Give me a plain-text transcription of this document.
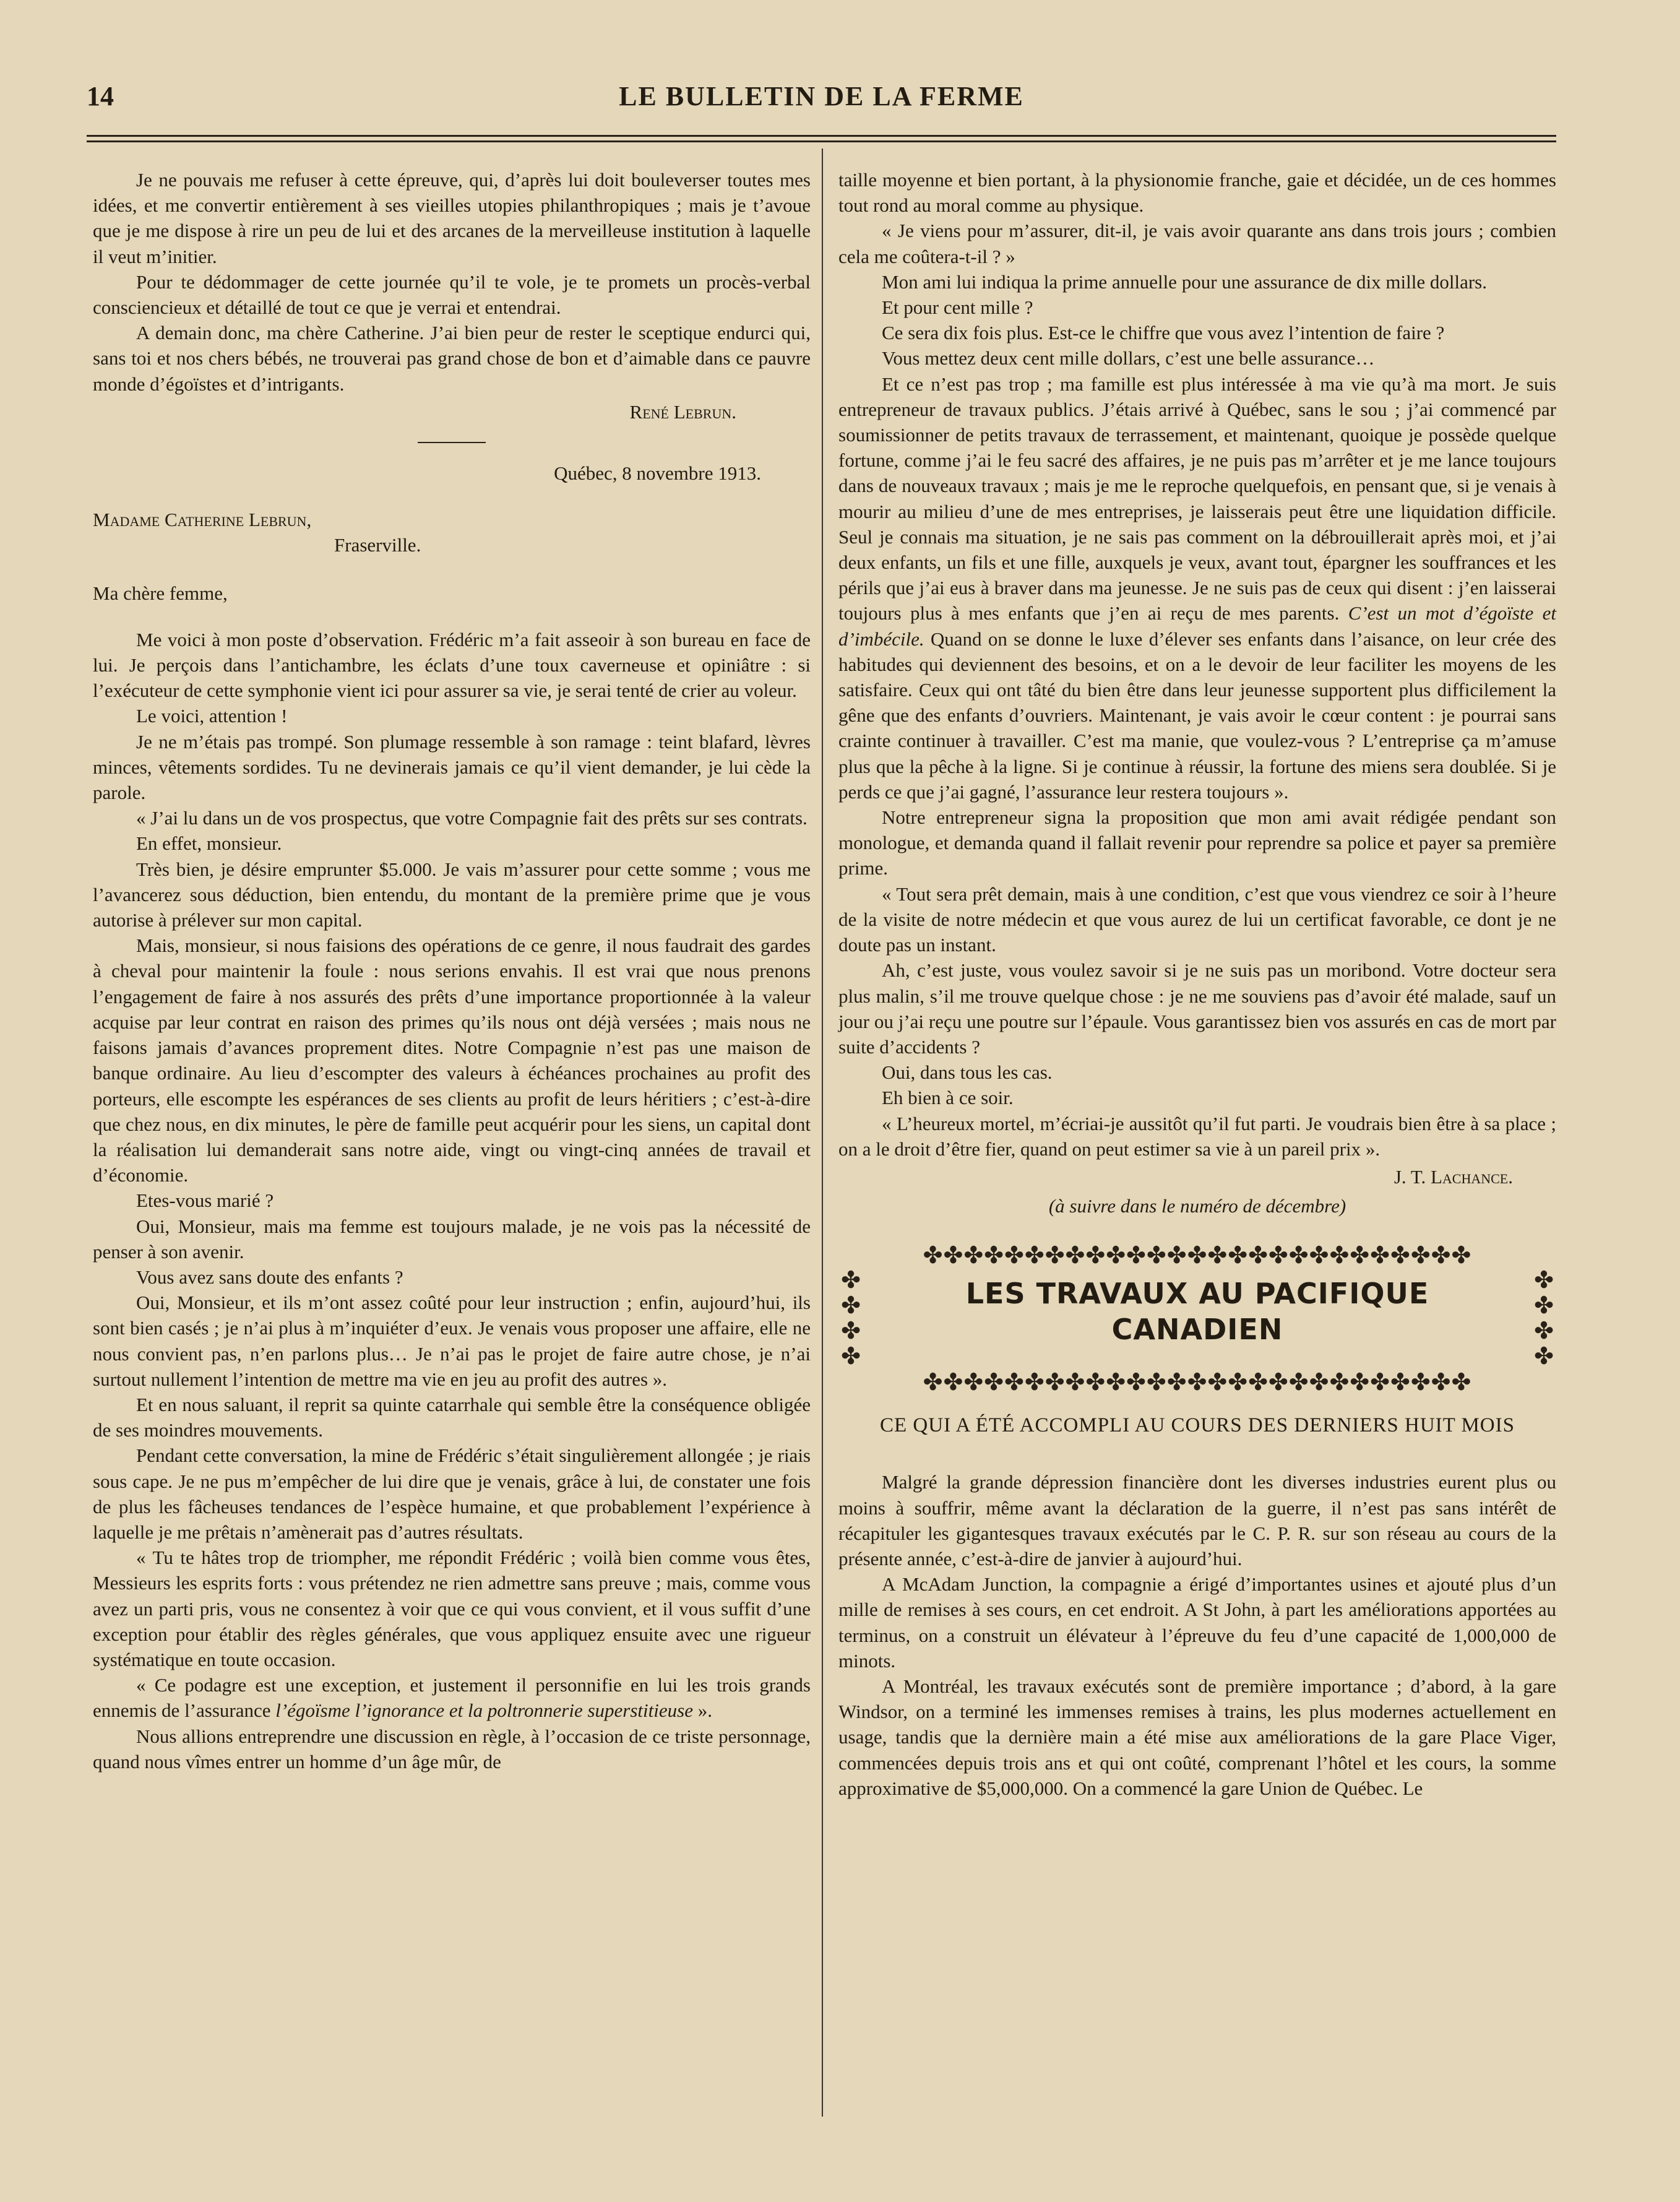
14	LE BULLETIN DE LA FERME

Je ne pouvais me refuser à cette épreuve, qui, d’après lui doit bouleverser toutes mes idées, et me convertir entièrement à ses vieilles utopies philanthropiques ; mais je t’avoue que je me dispose à rire un peu de lui et des arcanes de la merveilleuse institution à laquelle il veut m’initier.

Pour te dédommager de cette journée qu’il te vole, je te promets un procès-verbal consciencieux et détaillé de tout ce que je verrai et entendrai.

A demain donc, ma chère Catherine. J’ai bien peur de rester le sceptique endurci qui, sans toi et nos chers bébés, ne trouverai pas grand chose de bon et d’aimable dans ce pauvre monde d’égoïstes et d’intrigants.

René Lebrun.
Québec, 8 novembre 1913.
Madame Catherine Lebrun,
Fraserville.
Ma chère femme,

Me voici à mon poste d’observation. Frédéric m’a fait asseoir à son bureau en face de lui. Je perçois dans l’antichambre, les éclats d’une toux caverneuse et opiniâtre : si l’exécuteur de cette symphonie vient ici pour assurer sa vie, je serai tenté de crier au voleur.

Le voici, attention !

Je ne m’étais pas trompé. Son plumage ressemble à son ramage : teint blafard, lèvres minces, vêtements sordides. Tu ne devinerais jamais ce qu’il vient demander, je lui cède la parole.

« J’ai lu dans un de vos prospectus, que votre Compagnie fait des prêts sur ses contrats.

En effet, monsieur.

Très bien, je désire emprunter $5.000. Je vais m’assurer pour cette somme ; vous me l’avancerez sous déduction, bien entendu, du montant de la première prime que je vous autorise à prélever sur mon capital.

Mais, monsieur, si nous faisions des opérations de ce genre, il nous faudrait des gardes à cheval pour maintenir la foule : nous serions envahis. Il est vrai que nous prenons l’engagement de faire à nos assurés des prêts d’une importance proportionnée à la valeur acquise par leur contrat en raison des primes qu’ils nous ont déjà versées ; mais nous ne faisons jamais d’avances proprement dites. Notre Compagnie n’est pas une maison de banque ordinaire. Au lieu d’escompter des valeurs à échéances prochaines au profit des porteurs, elle escompte les espérances de ses clients au profit de leurs héritiers ; c’est-à-dire que chez nous, en dix minutes, le père de famille peut acquérir pour les siens, un capital dont la réalisation lui demanderait sans notre aide, vingt ou vingt-cinq années de travail et d’économie.

Etes-vous marié ?

Oui, Monsieur, mais ma femme est toujours malade, je ne vois pas la nécessité de penser à son avenir.

Vous avez sans doute des enfants ?

Oui, Monsieur, et ils m’ont assez coûté pour leur instruction ; enfin, aujourd’hui, ils sont bien casés ; je n’ai plus à m’inquiéter d’eux. Je venais vous proposer une affaire, elle ne nous convient pas, n’en parlons plus… Je n’ai pas le projet de faire autre chose, je n’ai surtout nullement l’intention de mettre ma vie en jeu au profit des autres ».

Et en nous saluant, il reprit sa quinte catarrhale qui semble être la conséquence obligée de ses moindres mouvements.

Pendant cette conversation, la mine de Frédéric s’était singulièrement allongée ; je riais sous cape. Je ne pus m’empêcher de lui dire que je venais, grâce à lui, de constater une fois de plus les fâcheuses tendances de l’espèce humaine, et que probablement l’expérience à laquelle je me prêtais n’amènerait pas d’autres résultats.

« Tu te hâtes trop de triompher, me répondit Frédéric ; voilà bien comme vous êtes, Messieurs les esprits forts : vous prétendez ne rien admettre sans preuve ; mais, comme vous avez un parti pris, vous ne consentez à voir que ce qui vous convient, et il vous suffit d’une exception pour établir des règles générales, que vous appliquez ensuite avec une rigueur systématique en toute occasion.

« Ce podagre est une exception, et justement il personnifie en lui les trois grands ennemis de l’assurance l’égoïsme l’ignorance et la poltronnerie superstitieuse ».

Nous allions entreprendre une discussion en règle, à l’occasion de ce triste personnage, quand nous vîmes entrer un homme d’un âge mûr, de

taille moyenne et bien portant, à la physionomie franche, gaie et décidée, un de ces hommes tout rond au moral comme au physique.

« Je viens pour m’assurer, dit-il, je vais avoir quarante ans dans trois jours ; combien cela me coûtera-t-il ? »

Mon ami lui indiqua la prime annuelle pour une assurance de dix mille dollars.

Et pour cent mille ?

Ce sera dix fois plus. Est-ce le chiffre que vous avez l’intention de faire ?

Vous mettez deux cent mille dollars, c’est une belle assurance…

Et ce n’est pas trop ; ma famille est plus intéressée à ma vie qu’à ma mort. Je suis entrepreneur de travaux publics. J’étais arrivé à Québec, sans le sou ; j’ai commencé par soumissionner de petits travaux de terrassement, et maintenant, quoique je possède quelque fortune, comme j’ai le feu sacré des affaires, je ne puis pas m’arrêter et je me lance toujours dans de nouveaux travaux ; mais je me le reproche quelquefois, en pensant que, si je venais à mourir au milieu d’une de mes entreprises, je laisserais peut être une liquidation difficile. Seul je connais ma situation, je ne sais pas comment on la débrouillerait après moi, et j’ai deux enfants, un fils et une fille, auxquels je veux, avant tout, épargner les souffrances et les périls que j’ai eus à braver dans ma jeunesse. Je ne suis pas de ceux qui disent : j’en laisserai toujours plus à mes enfants que j’en ai reçu de mes parents. C’est un mot d’égoïste et d’imbécile. Quand on se donne le luxe d’élever ses enfants dans l’aisance, on leur crée des habitudes qui deviennent des besoins, et on a le devoir de leur faciliter les moyens de les satisfaire. Ceux qui ont tâté du bien être dans leur jeunesse supportent plus difficilement la gêne que des enfants d’ouvriers. Maintenant, je vais avoir le cœur content : je pourrai sans crainte continuer à travailler. C’est ma manie, que voulez-vous ? L’entreprise ça m’amuse plus que la pêche à la ligne. Si je continue à réussir, la fortune des miens sera doublée. Si je perds ce que j’ai gagné, l’assurance leur restera toujours ».

Notre entrepreneur signa la proposition que mon ami avait rédigée pendant son monologue, et demanda quand il fallait revenir pour reprendre sa police et payer sa première prime.

« Tout sera prêt demain, mais à une condition, c’est que vous viendrez ce soir à l’heure de la visite de notre médecin et que vous aurez de lui un certificat favorable, ce dont je ne doute pas un instant.

Ah, c’est juste, vous voulez savoir si je ne suis pas un moribond. Votre docteur sera plus malin, s’il me trouve quelque chose : je ne me souviens pas d’avoir été malade, sauf un jour ou j’ai reçu une poutre sur l’épaule. Vous garantissez bien vos assurés en cas de mort par suite d’accidents ?

Oui, dans tous les cas.

Eh bien à ce soir.

« L’heureux mortel, m’écriai-je aussitôt qu’il fut parti. Je voudrais bien être à sa place ; on a le droit d’être fier, quand on peut estimer sa vie à un pareil prix ».

J. T. Lachance.
(à suivre dans le numéro de décembre)
✤✤✤✤✤✤✤✤✤✤✤✤✤✤✤✤✤✤✤✤✤✤✤✤✤✤✤
✤
✤
✤
✤
✤
✤
✤
✤
LES TRAVAUX AU PACIFIQUE
CANADIEN
✤✤✤✤✤✤✤✤✤✤✤✤✤✤✤✤✤✤✤✤✤✤✤✤✤✤✤
CE QUI A ÉTÉ ACCOMPLI AU COURS DES DERNIERS HUIT MOIS

Malgré la grande dépression financière dont les diverses industries eurent plus ou moins à souffrir, même avant la déclaration de la guerre, il n’est pas sans intérêt de récapituler les gigantesques travaux exécutés par le C. P. R. sur son réseau au cours de la présente année, c’est-à-dire de janvier à aujourd’hui.

A McAdam Junction, la compagnie a érigé d’importantes usines et ajouté plus d’un mille de remises à ses cours, en cet endroit. A St John, à part les améliorations apportées au terminus, on a construit un élévateur à l’épreuve du feu d’une capacité de 1,000,000 de minots.

A Montréal, les travaux exécutés sont de première importance ; d’abord, à la gare Windsor, on a terminé les immenses remises à trains, les plus modernes actuellement en usage, tandis que la dernière main a été mise aux améliorations de la gare Place Viger, commencées depuis trois ans et qui ont coûté, comprenant l’hôtel et les cours, la somme approximative de $5,000,000. On a commencé la gare Union de Québec. Le
